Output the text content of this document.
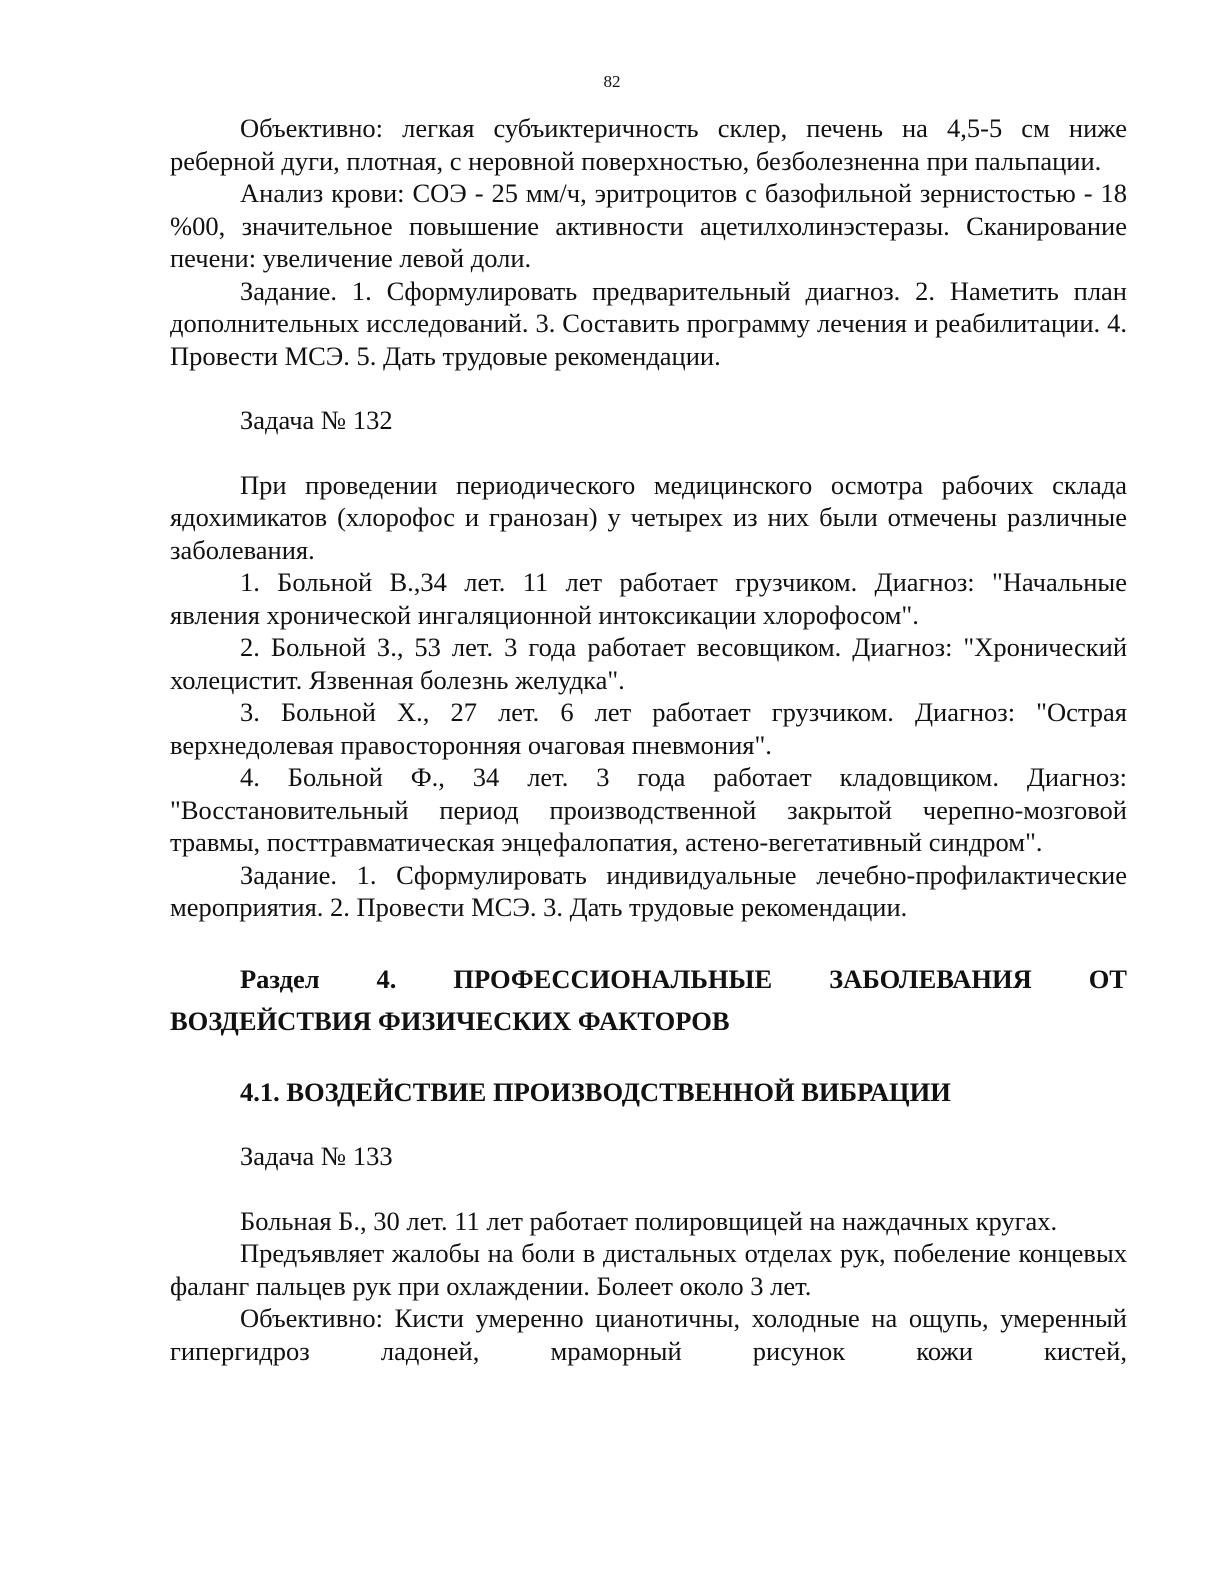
82

Объективно: легкая субъиктеричность склер, печень на 4,5-5 см ниже реберной дуги, плотная, с неровной поверхностью, безболезненна при пальпации.

Анализ крови: СОЭ - 25 мм/ч, эритроцитов с базофильной зернистостью - 18 %00, значительное повышение активности ацетилхолинэстеразы. Сканирование печени: увеличение левой доли.

Задание. 1. Сформулировать предварительный диагноз. 2. Наметить план дополнительных исследований. 3. Составить программу лечения и реабилитации. 4. Провести МСЭ. 5. Дать трудовые рекомендации.

Задача № 132

При проведении периодического медицинского осмотра рабочих склада ядохимикатов (хлорофос и гранозан) у четырех из них были отмечены различные заболевания.

1. Больной В.,34 лет. 11 лет работает грузчиком. Диагноз: "Начальные явления хронической ингаляционной интоксикации хлорофосом".

2. Больной З., 53 лет. 3 года работает весовщиком. Диагноз: "Хронический холецистит. Язвенная болезнь желудка".

3. Больной Х., 27 лет. 6 лет работает грузчиком. Диагноз: "Острая верхнедолевая правосторонняя очаговая пневмония".

4. Больной Ф., 34 лет. 3 года работает кладовщиком. Диагноз: "Восстановительный период производственной закрытой черепно-мозговой травмы, посттравматическая энцефалопатия, астено-вегетативный синдром".

Задание. 1. Сформулировать индивидуальные лечебно-профилактические мероприятия. 2. Провести МСЭ. 3. Дать трудовые рекомендации.

Раздел 4. ПРОФЕССИОНАЛЬНЫЕ ЗАБОЛЕВАНИЯ ОТ ВОЗДЕЙСТВИЯ ФИЗИЧЕСКИХ ФАКТОРОВ

4.1. ВОЗДЕЙСТВИЕ ПРОИЗВОДСТВЕННОЙ ВИБРАЦИИ

Задача № 133

Больная Б., 30 лет. 11 лет работает полировщицей на наждачных кругах.

Предъявляет жалобы на боли в дистальных отделах рук, побеление концевых фаланг пальцев рук при охлаждении. Болеет около 3 лет.

Объективно: Кисти умеренно цианотичны, холодные на ощупь, умеренный гипергидроз ладоней, мраморный рисунок кожи кистей,
